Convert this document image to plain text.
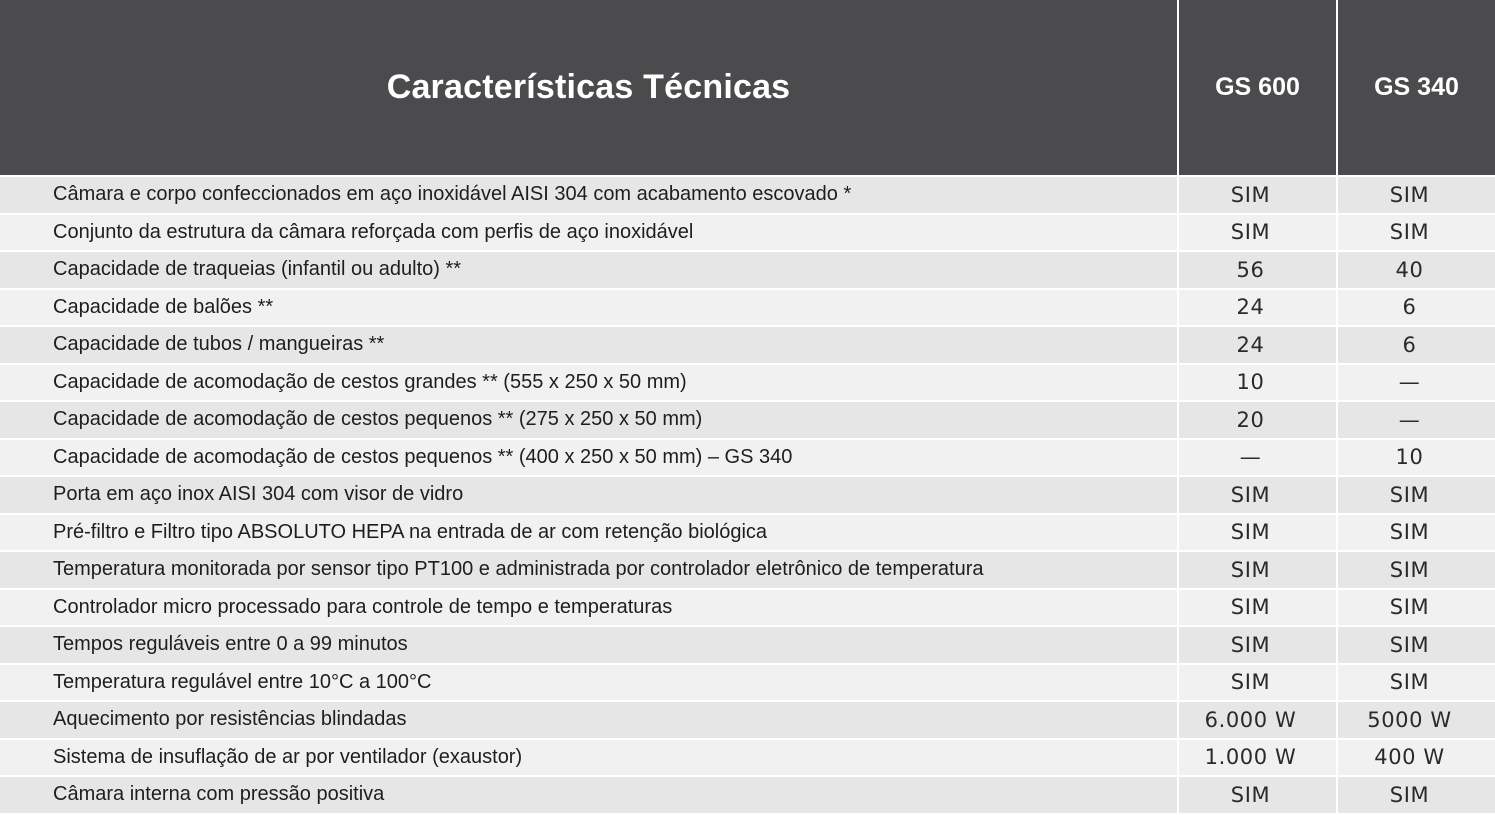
Características Técnicas	GS 600	GS 340
Câmara e corpo confeccionados em aço inoxidável AISI 304 com acabamento escovado *	SIM	SIM
Conjunto da estrutura da câmara reforçada com perfis de aço inoxidável	SIM	SIM
Capacidade de traqueias (infantil ou adulto) **	56	40
Capacidade de balões **	24	6
Capacidade de tubos / mangueiras **	24	6
Capacidade de acomodação de cestos grandes ** (555 x 250 x 50 mm)	10	—
Capacidade de acomodação de cestos pequenos ** (275 x 250 x 50 mm)	20	—
Capacidade de acomodação de cestos pequenos ** (400 x 250 x 50 mm) – GS 340	—	10
Porta em aço inox AISI 304 com visor de vidro	SIM	SIM
Pré-filtro e Filtro tipo ABSOLUTO HEPA na entrada de ar com retenção biológica	SIM	SIM
Temperatura monitorada por sensor tipo PT100 e administrada por controlador eletrônico de temperatura	SIM	SIM
Controlador micro processado para controle de tempo e temperaturas	SIM	SIM
Tempos reguláveis entre 0 a 99 minutos	SIM	SIM
Temperatura regulável entre 10°C a 100°C	SIM	SIM
Aquecimento por resistências blindadas	6.000 W	5000 W
Sistema de insuflação de ar por ventilador (exaustor)	1.000 W	400 W
Câmara interna com pressão positiva	SIM	SIM
